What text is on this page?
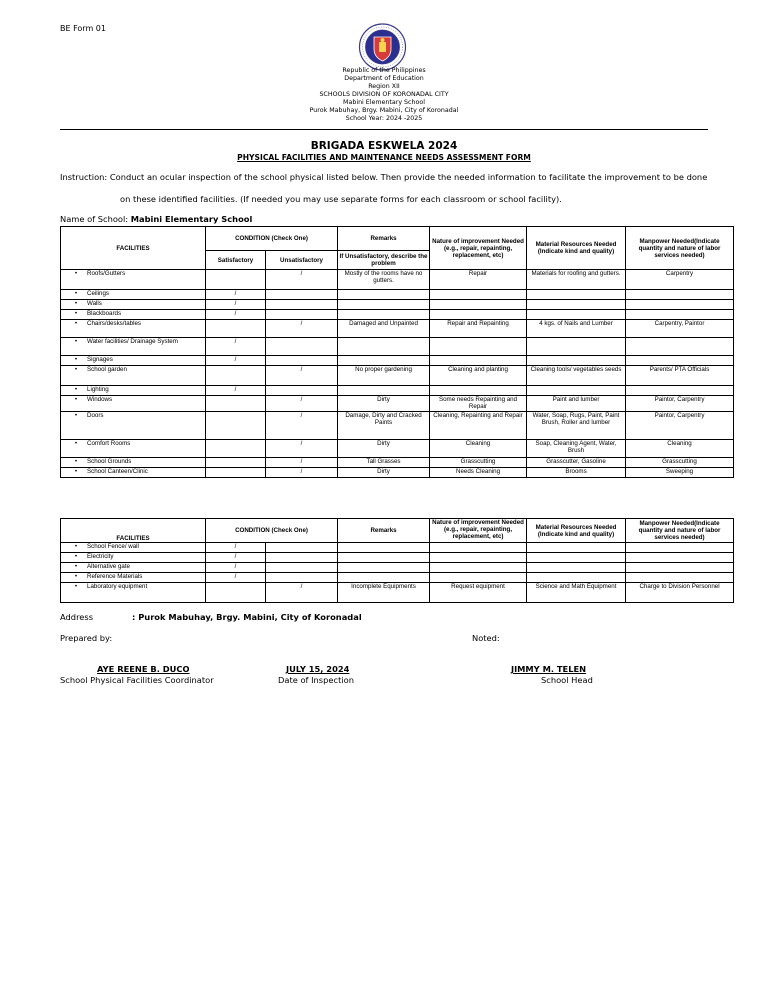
BE Form 01
Republic of the Philippines
Department of Education
Region XII
SCHOOLS DIVISION OF KORONADAL CITY
Mabini Elementary School
Purok Mabuhay, Brgy. Mabini, City of Koronadal
School Year: 2024 -2025
BRIGADA ESKWELA 2024
PHYSICAL FACILITIES AND MAINTENANCE NEEDS ASSESSMENT FORM
Instruction: Conduct an ocular inspection of the school physical listed below. Then provide the needed information to facilitate the improvement to be done
on these identified facilities. (If needed you may use separate forms for each classroom or school facility).
Name of School: Mabini Elementary School
FACILITIES	CONDITION (Check One)		Remarks	Nature of improvement Needed
(e.g., repair, repainting, replacement, etc)	Material Resources Needed (Indicate kind and quality)	Manpower Needed(Indicate quantity and nature of labor services needed)
	Satisfactory	Unsatisfactory	If Unsatisfactory, describe the problem			
• Roofs/Gutters		/	Mostly of the rooms have no gutters.	Repair	Materials for roofing and gutters.	Carpentry
• Ceilings	/					
• Walls	/					
• Blackboards	/					
• Chairs/desks/tables		/	Damaged and Unpainted	Repair and Repainting	4 kgs. of Nails and Lumber	Carpentry, Paintor
• Water facilities/ Drainage System	/					
• Signages	/					
• School garden		/	No proper gardening	Cleaning and planting	Cleaning tools/ vegetables seeds	Parents/ PTA Officials
• Lighting	/					
• Windows		/	Dirty	Some needs Repainting and Repair	Paint and lumber	Paintor, Carpentry
• Doors		/	Damage, Dirty and Cracked Paints	Cleaning, Repainting and Repair	Water, Soap, Rugs, Paint, Paint Brush, Roller and lumber	Paintor, Carpentry
• Comfort Rooms		/	Dirty	Cleaning	Soap, Cleaning Agent, Water, Brush	Cleaning
• School Grounds		/	Tall Grasses	Grasscutting	Grasscutter, Gasoline	Grasscutting
• School Canteen/Clinic		/	Dirty	Needs Cleaning	Brooms	Sweeping
FACILITIES	CONDITION (Check One)		Remarks	Nature of improvement Needed
(e.g., repair, repainting, replacement, etc)	Material Resources Needed (Indicate kind and quality)	Manpower Needed(Indicate quantity and nature of labor services needed)
• School Fence/ wall	/					
• Electricity	/					
• Alternative gate	/					
• Reference Materials	/					
• Laboratory equipment		/	Incomplete Equipments	Request equipment	Science and Math Equipment	Charge to Division Personnel
Address	: Purok Mabuhay, Brgy. Mabini, City of Koronadal
Prepared by:	Noted:
AYE REENE B. DUCO
School Physical Facilities Coordinator
JULY 15, 2024
Date of Inspection
JIMMY M. TELEN
School Head
